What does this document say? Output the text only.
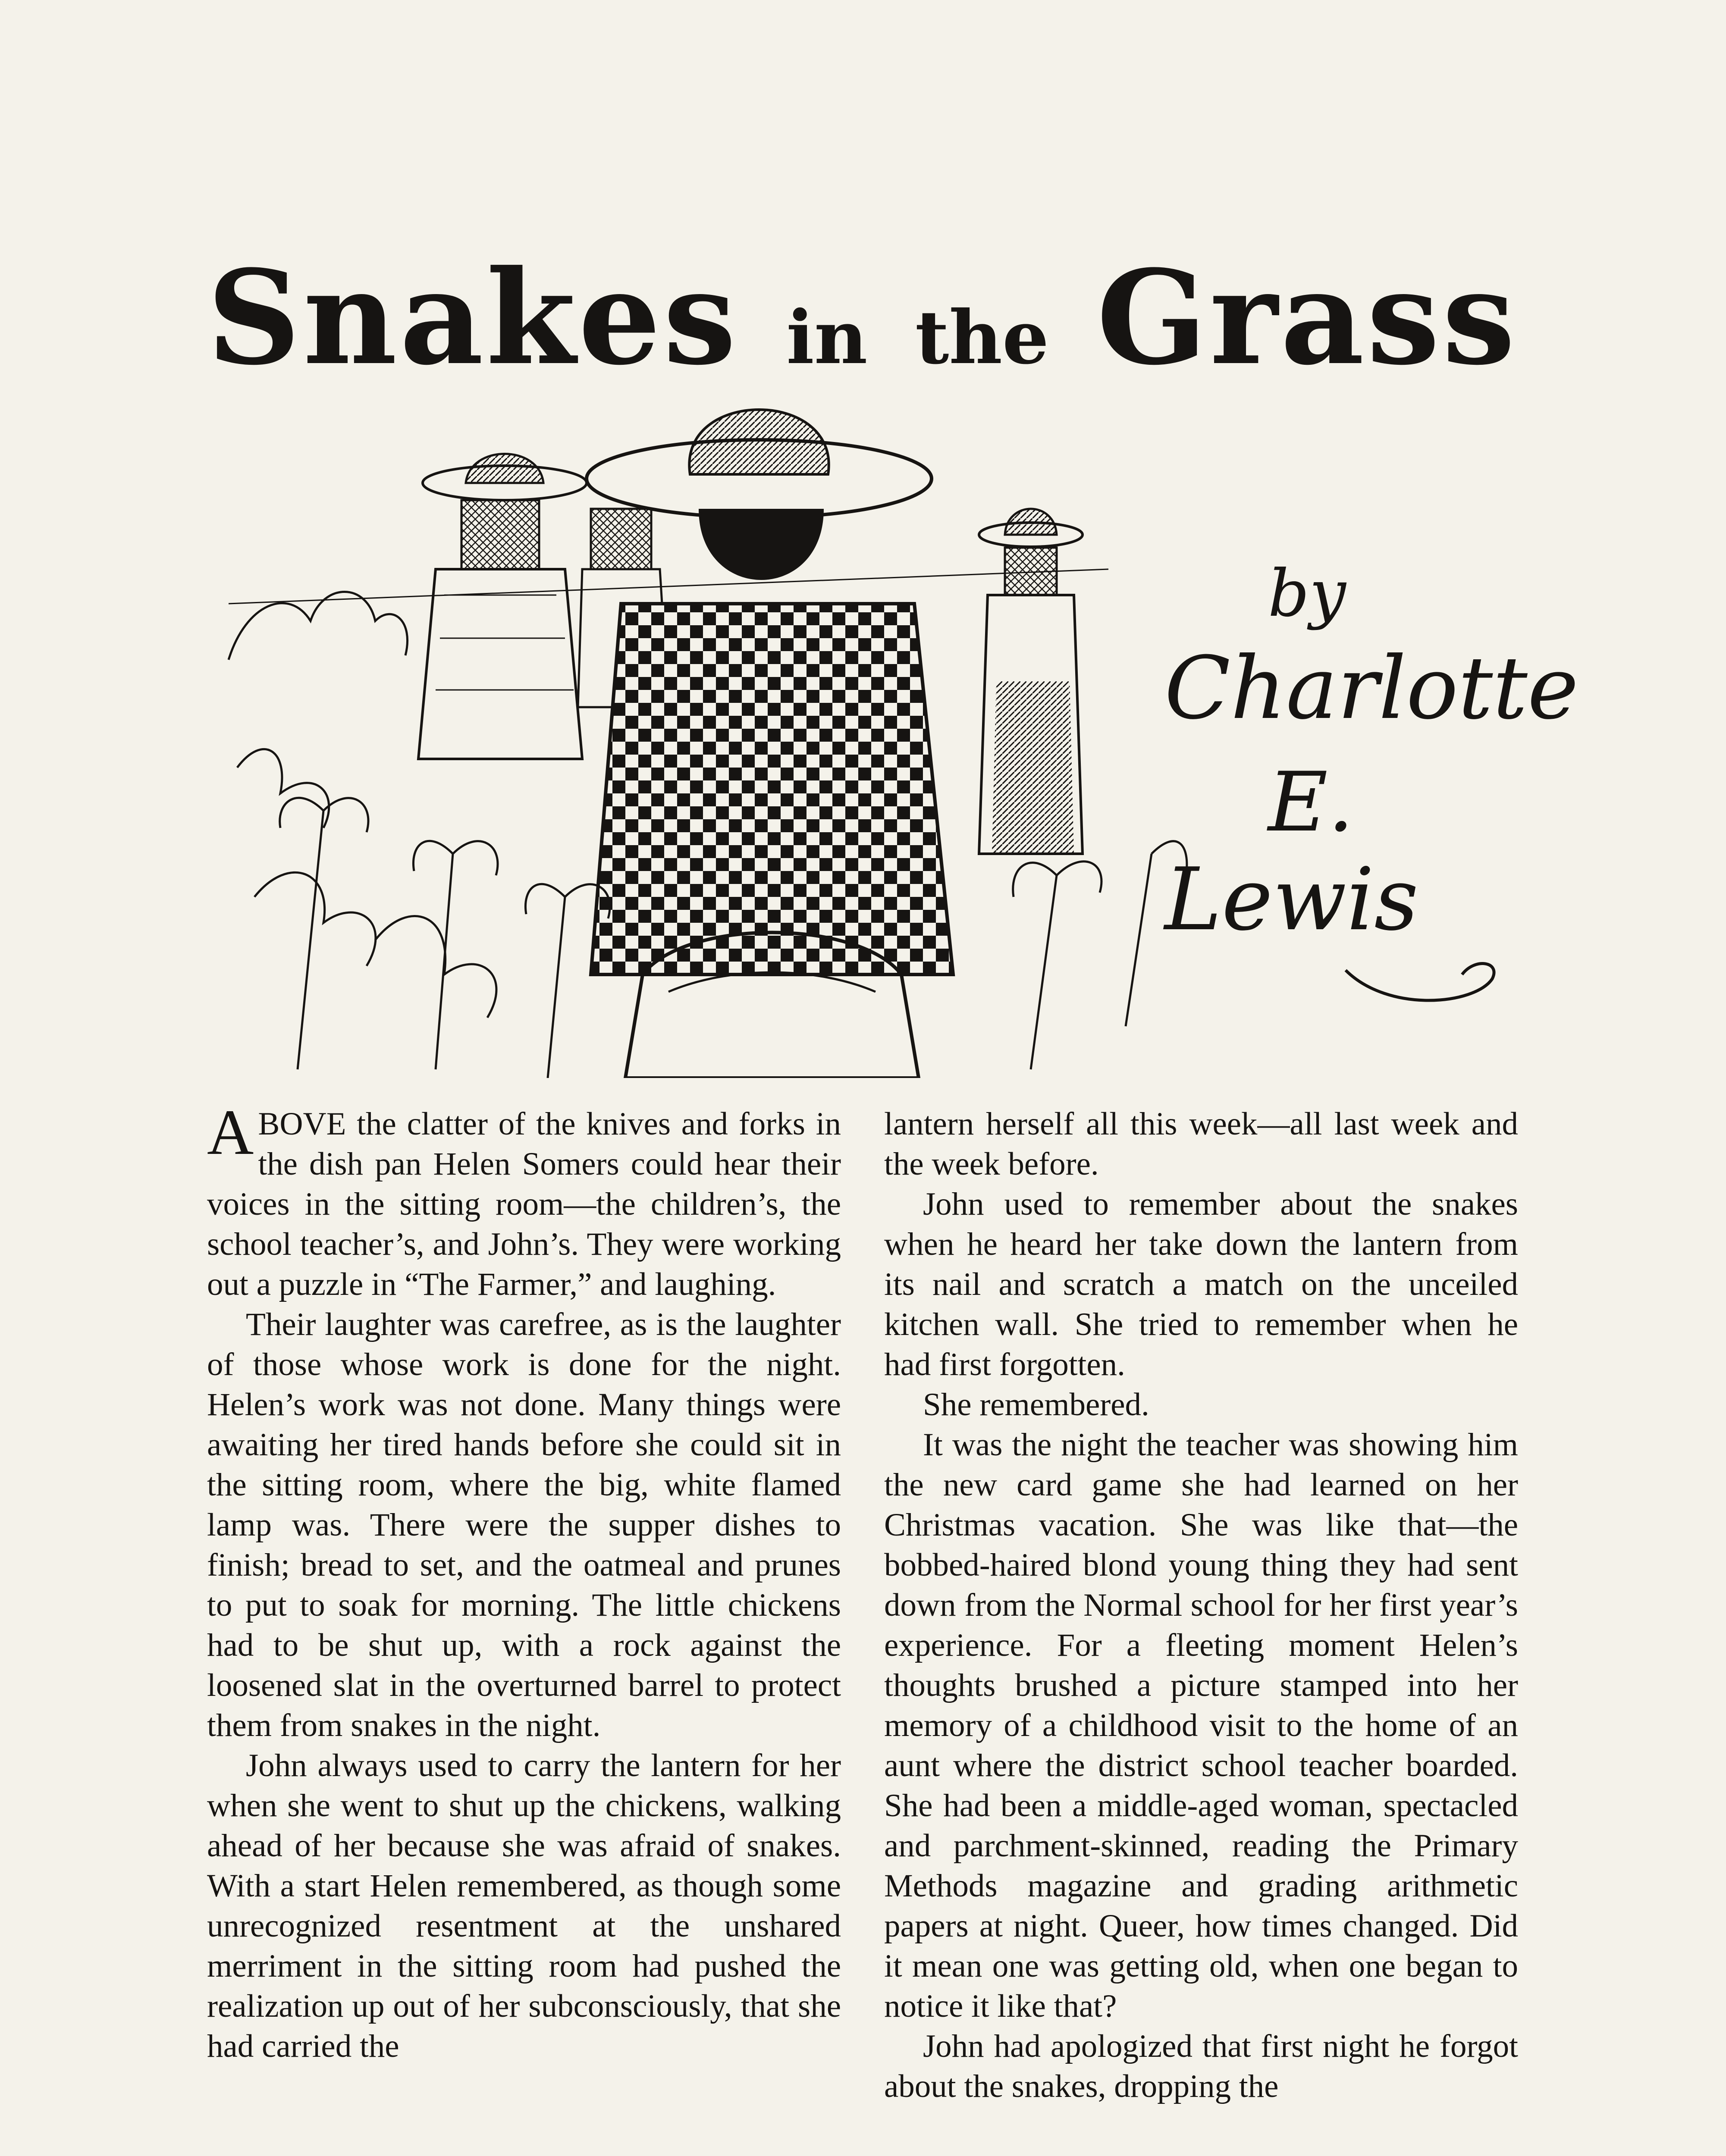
Snakes in the Grass
by
Charlotte
E.
Lewis

ABOVE the clatter of the knives and forks in the dish pan Helen Somers could hear their voices in the sitting room—the children’s, the school teacher’s, and John’s. They were working out a puzzle in “The Farmer,” and laughing.

Their laughter was carefree, as is the laughter of those whose work is done for the night. Helen’s work was not done. Many things were awaiting her tired hands before she could sit in the sitting room, where the big, white flamed lamp was. There were the supper dishes to finish; bread to set, and the oatmeal and prunes to put to soak for morning. The little chickens had to be shut up, with a rock against the loosened slat in the overturned barrel to protect them from snakes in the night.

John always used to carry the lantern for her when she went to shut up the chickens, walking ahead of her because she was afraid of snakes. With a start Helen remembered, as though some unrecognized resentment at the unshared merriment in the sitting room had pushed the realization up out of her subconsciously, that she had carried the

lantern herself all this week—all last week and the week before.

John used to remember about the snakes when he heard her take down the lantern from its nail and scratch a match on the unceiled kitchen wall. She tried to remember when he had first forgotten.

She remembered.

It was the night the teacher was showing him the new card game she had learned on her Christmas vacation. She was like that—the bobbed-haired blond young thing they had sent down from the Normal school for her first year’s experience. For a fleeting moment Helen’s thoughts brushed a picture stamped into her memory of a childhood visit to the home of an aunt where the district school teacher boarded. She had been a middle-aged woman, spectacled and parchment-skinned, reading the Primary Methods magazine and grading arithmetic papers at night. Queer, how times changed. Did it mean one was getting old, when one began to notice it like that?

John had apologized that first night he forgot about the snakes, dropping the
